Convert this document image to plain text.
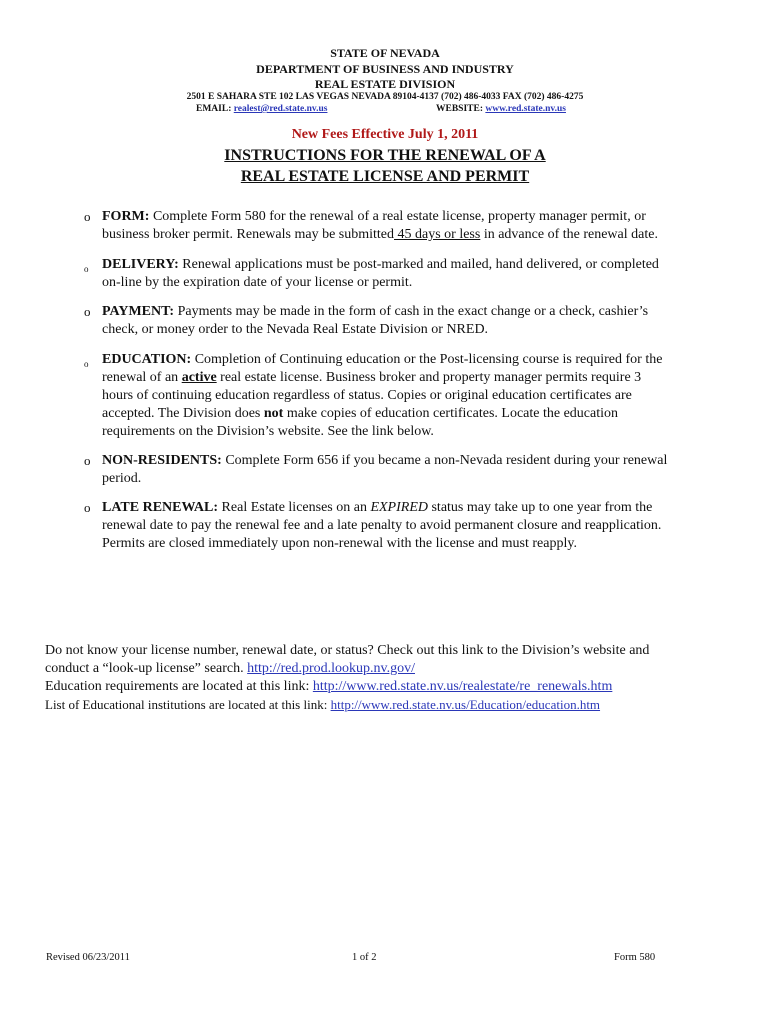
STATE OF NEVADA
DEPARTMENT OF BUSINESS AND INDUSTRY
REAL ESTATE DIVISION
2501 E SAHARA STE 102 LAS VEGAS NEVADA 89104-4137 (702) 486-4033 FAX (702) 486-4275
EMAIL: realest@red.state.nv.us	WEBSITE: www.red.state.nv.us
New Fees Effective July 1, 2011
INSTRUCTIONS FOR THE RENEWAL OF A
REAL ESTATE LICENSE AND PERMIT
o FORM: Complete Form 580 for the renewal of a real estate license, property manager permit, or
business broker permit. Renewals may be submitted 45 days or less in advance of the renewal date.
o DELIVERY: Renewal applications must be post-marked and mailed, hand delivered, or completed
on-line by the expiration date of your license or permit.
o PAYMENT: Payments may be made in the form of cash in the exact change or a check, cashier’s
check, or money order to the Nevada Real Estate Division or NRED.
o EDUCATION: Completion of Continuing education or the Post-licensing course is required for the
renewal of an active real estate license. Business broker and property manager permits require 3
hours of continuing education regardless of status. Copies or original education certificates are
accepted. The Division does not make copies of education certificates. Locate the education
requirements on the Division’s website. See the link below.
o NON-RESIDENTS: Complete Form 656 if you became a non-Nevada resident during your renewal
period.
o LATE RENEWAL: Real Estate licenses on an EXPIRED status may take up to one year from the
renewal date to pay the renewal fee and a late penalty to avoid permanent closure and reapplication.
Permits are closed immediately upon non-renewal with the license and must reapply.
Do not know your license number, renewal date, or status? Check out this link to the Division’s website and
conduct a “look-up license” search. http://red.prod.lookup.nv.gov/
Education requirements are located at this link: http://www.red.state.nv.us/realestate/re_renewals.htm
List of Educational institutions are located at this link: http://www.red.state.nv.us/Education/education.htm
Revised 06/23/2011	1 of 2	Form 580
